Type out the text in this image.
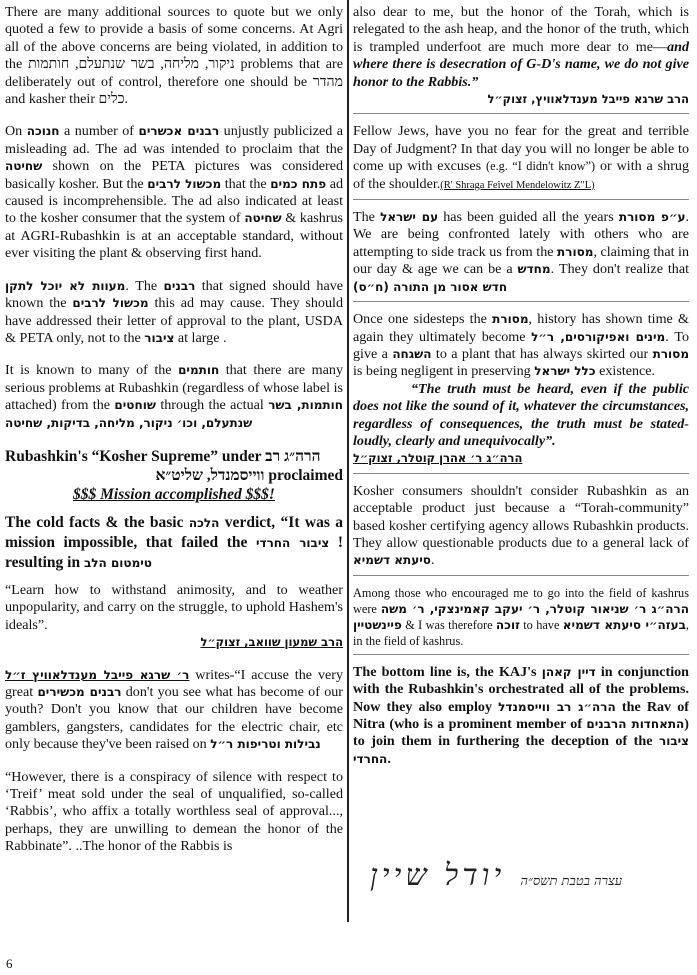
There are many additional sources to quote but we only quoted a few to provide a basis of some concerns. At Agri all of the above concerns are being violated, in addition to the ניקור, מליחה, בשר שנתעלם, חותמות problems that are deliberately out of control, therefore one should be מהדר and kasher their כלים.

On חנוכה a number of רבנים אכשרים unjustly publicized a misleading ad. The ad was intended to proclaim that the שחיטה shown on the PETA pictures was considered basically kosher. But the מכשול לרבים that the פתח כמים ad caused is incomprehensible. The ad also indicated at least to the kosher consumer that the system of שחיטה & kashrus at AGRI-Rubashkin is at an acceptable standard, without ever visiting the plant & observing first hand.

מעוות לא יוכל לתקן. The רבנים that signed should have known the מכשול לרבים this ad may cause. They should have addressed their letter of approval to the plant, USDA & PETA only, not to the ציבור at large .

It is known to many of the חותמים that there are many serious problems at Rubashkin (regardless of whose label is attached) from the שוחטים through the actual חותמות, בשר שנתעלם, וכו׳ ניקור, מליחה, בדיקות, שחיטה

Rubashkin's “Kosher Supreme” under הרה״ג רב

ווייסמנדל, שליט״א proclaimed

$$$ Mission accomplished $$$!

The cold facts & the basic הלכה verdict, “It was a mission impossible, that failed the ציבור החרדי ! resulting in טימטום הלב

“Learn how to withstand animosity, and to weather unpopularity, and carry on the struggle, to uphold Hashem's ideals”.

הרב שמעון שוואב, זצוק״ל

ר׳ שרגא פייבל מענדלאוויץ ז״ל writes-“I accuse the very great רבנים מכשירים don't you see what has become of our youth? Don't you know that our children have become gamblers, gangsters, candidates for the electric chair, etc only because they've been raised on נבילות וטריפות ר״ל

“However, there is a conspiracy of silence with respect to ‘Treif’ meat sold under the seal of unqualified, so-called ‘Rabbis’, who affix a totally worthless seal of approval..., perhaps, they are unwilling to demean the honor of the Rabbinate”. ..The honor of the Rabbis is

also dear to me, but the honor of the Torah, which is relegated to the ash heap, and the honor of the truth, which is trampled underfoot are much more dear to me—and where there is desecration of G-D's name, we do not give honor to the Rabbis.”

הרב שרגא פייבל מענדלאוויץ, זצוק״ל

Fellow Jews, have you no fear for the great and terrible Day of Judgment? In that day you will no longer be able to come up with excuses (e.g. “I didn't know”) or with a shrug of the shoulder.(R' Shraga Feivel Mendelowitz Z"L)

The עם ישראל has been guided all the years ע״פ מסורת. We are being confronted lately with others who are attempting to side track us from the מסורת, claiming that in our day & age we can be a מחדש. They don't realize that חדש אסור מן התורה (ח״ס)

Once one sidesteps the מסורת, history has shown time & again they ultimately become מינים ואפיקורסים, ר״ל. To give a השגחה to a plant that has always skirted our מסורת is being negligent in preserving כלל ישראל existence.

“The truth must be heard, even if the public does not like the sound of it, whatever the circumstances, regardless of consequences, the truth must be stated-loudly, clearly and unequivocally”.

הרה״ג ר׳ אהרן קוטלר, זצוק״ל

Kosher consumers shouldn't consider Rubashkin as an acceptable product just because a “Torah-community” based kosher certifying agency allows Rubashkin products. They allow questionable products due to a general lack of סיעתא דשמיא.

Among those who encouraged me to go into the field of kashrus were הרה״ג ר׳ שניאור קוטלר, ר׳ יעקב קאמינצקי, ר׳ משה פיינשטיין & I was therefore זוכה to have בעזה״י סיעתא דשמיא, in the field of kashrus.

The bottom line is, the KAJ's דיין קאהן in conjunction with the Rubashkin's orchestrated all of the problems. Now they also employ הרה״ג רב ווייסמנדל the Rav of Nitra (who is a prominent member of התאחדות הרבנים) to join them in furthering the deception of the ציבור החרדי.

עצרה בטבת תשס״ה יודל שיין
6
